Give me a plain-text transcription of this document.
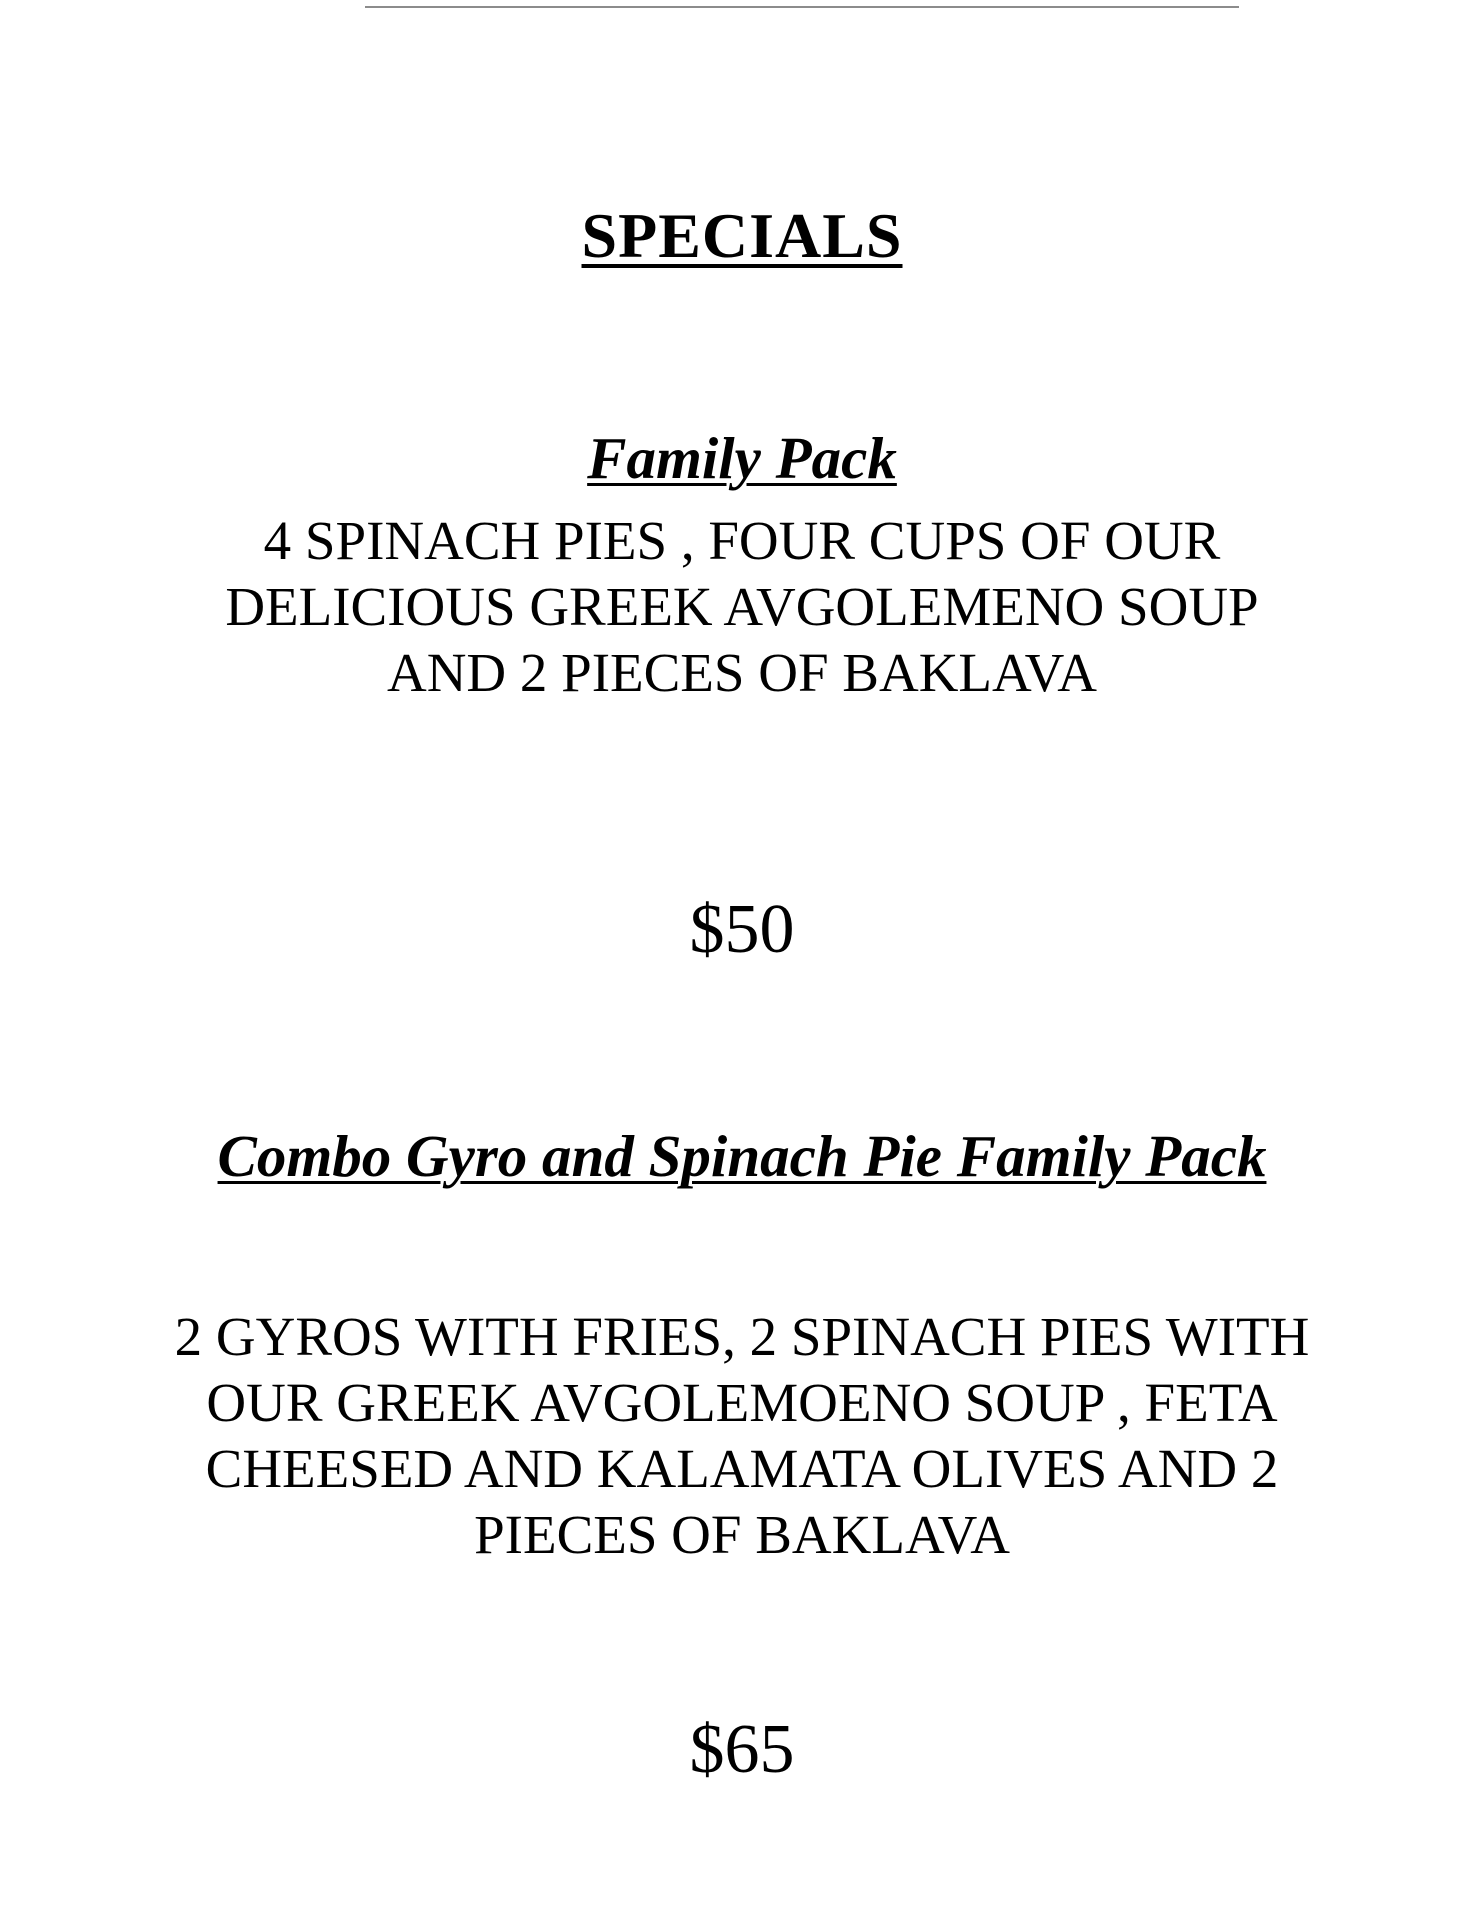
SPECIALS
Family Pack
4 SPINACH PIES , FOUR CUPS OF OUR DELICIOUS GREEK AVGOLEMENO SOUP AND 2 PIECES OF BAKLAVA
$50
Combo Gyro and Spinach Pie Family Pack
2 GYROS WITH FRIES, 2 SPINACH PIES WITH OUR GREEK AVGOLEMOENO SOUP , FETA CHEESED AND KALAMATA OLIVES AND 2 PIECES OF BAKLAVA
$65
